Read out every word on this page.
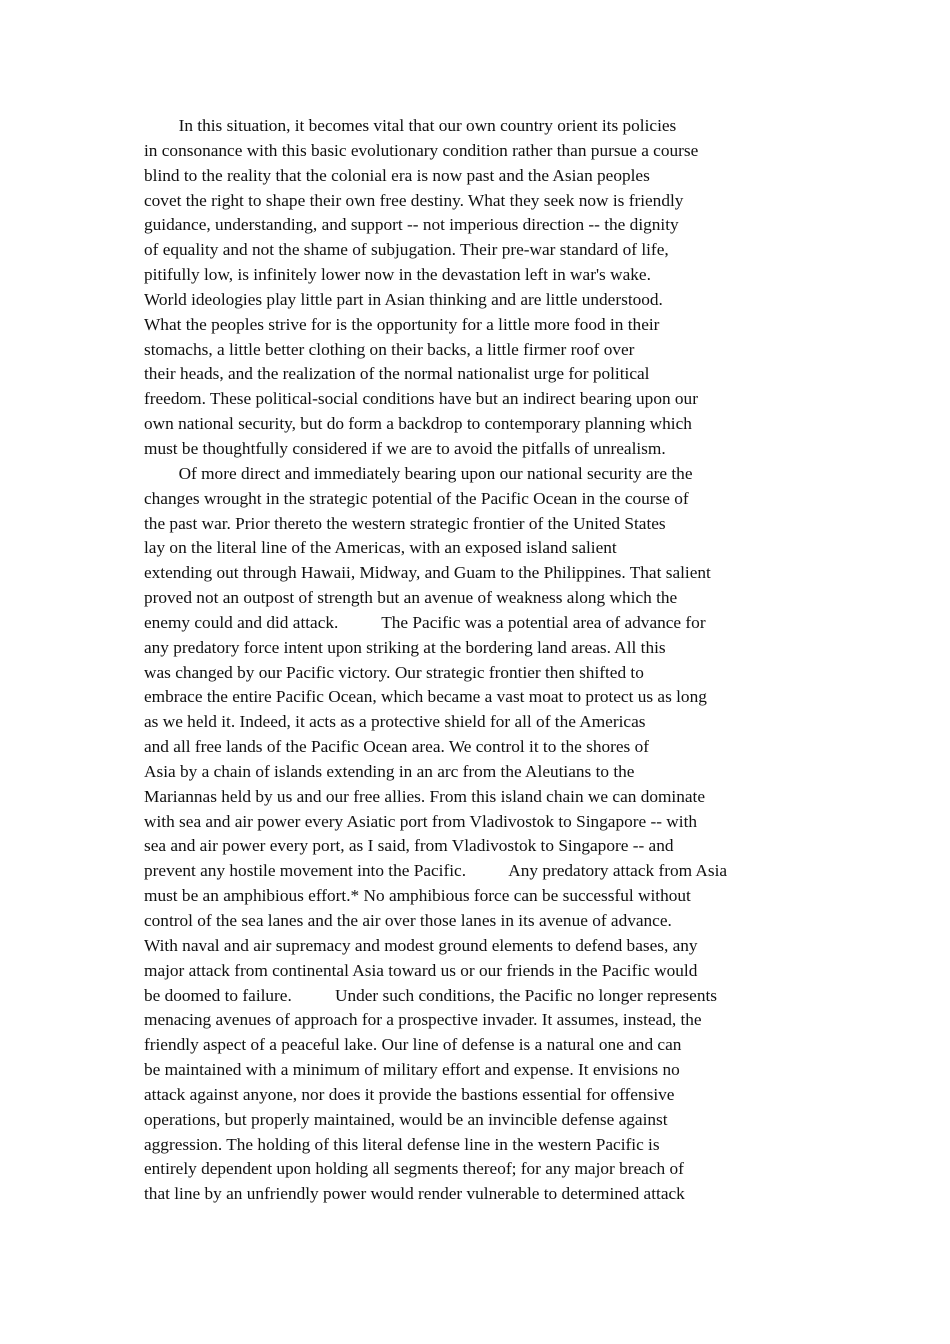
In this situation, it becomes vital that our own country orient its policies
in consonance with this basic evolutionary condition rather than pursue a course
blind to the reality that the colonial era is now past and the Asian peoples
covet the right to shape their own free destiny. What they seek now is friendly
guidance, understanding, and support -- not imperious direction -- the dignity
of equality and not the shame of subjugation. Their pre-war standard of life,
pitifully low, is infinitely lower now in the devastation left in war's wake.
World ideologies play little part in Asian thinking and are little understood.
What the peoples strive for is the opportunity for a little more food in their
stomachs, a little better clothing on their backs, a little firmer roof over
their heads, and the realization of the normal nationalist urge for political
freedom. These political-social conditions have but an indirect bearing upon our
own national security, but do form a backdrop to contemporary planning which
must be thoughtfully considered if we are to avoid the pitfalls of unrealism.
Of more direct and immediately bearing upon our national security are the
changes wrought in the strategic potential of the Pacific Ocean in the course of
the past war. Prior thereto the western strategic frontier of the United States
lay on the literal line of the Americas, with an exposed island salient
extending out through Hawaii, Midway, and Guam to the Philippines. That salient
proved not an outpost of strength but an avenue of weakness along which the
enemy could and did attack.          The Pacific was a potential area of advance for
any predatory force intent upon striking at the bordering land areas. All this
was changed by our Pacific victory. Our strategic frontier then shifted to
embrace the entire Pacific Ocean, which became a vast moat to protect us as long
as we held it. Indeed, it acts as a protective shield for all of the Americas
and all free lands of the Pacific Ocean area. We control it to the shores of
Asia by a chain of islands extending in an arc from the Aleutians to the
Mariannas held by us and our free allies. From this island chain we can dominate
with sea and air power every Asiatic port from Vladivostok to Singapore -- with
sea and air power every port, as I said, from Vladivostok to Singapore -- and
prevent any hostile movement into the Pacific.          Any predatory attack from Asia
must be an amphibious effort.* No amphibious force can be successful without
control of the sea lanes and the air over those lanes in its avenue of advance.
With naval and air supremacy and modest ground elements to defend bases, any
major attack from continental Asia toward us or our friends in the Pacific would
be doomed to failure.          Under such conditions, the Pacific no longer represents
menacing avenues of approach for a prospective invader. It assumes, instead, the
friendly aspect of a peaceful lake. Our line of defense is a natural one and can
be maintained with a minimum of military effort and expense. It envisions no
attack against anyone, nor does it provide the bastions essential for offensive
operations, but properly maintained, would be an invincible defense against
aggression. The holding of this literal defense line in the western Pacific is
entirely dependent upon holding all segments thereof; for any major breach of
that line by an unfriendly power would render vulnerable to determined attack
